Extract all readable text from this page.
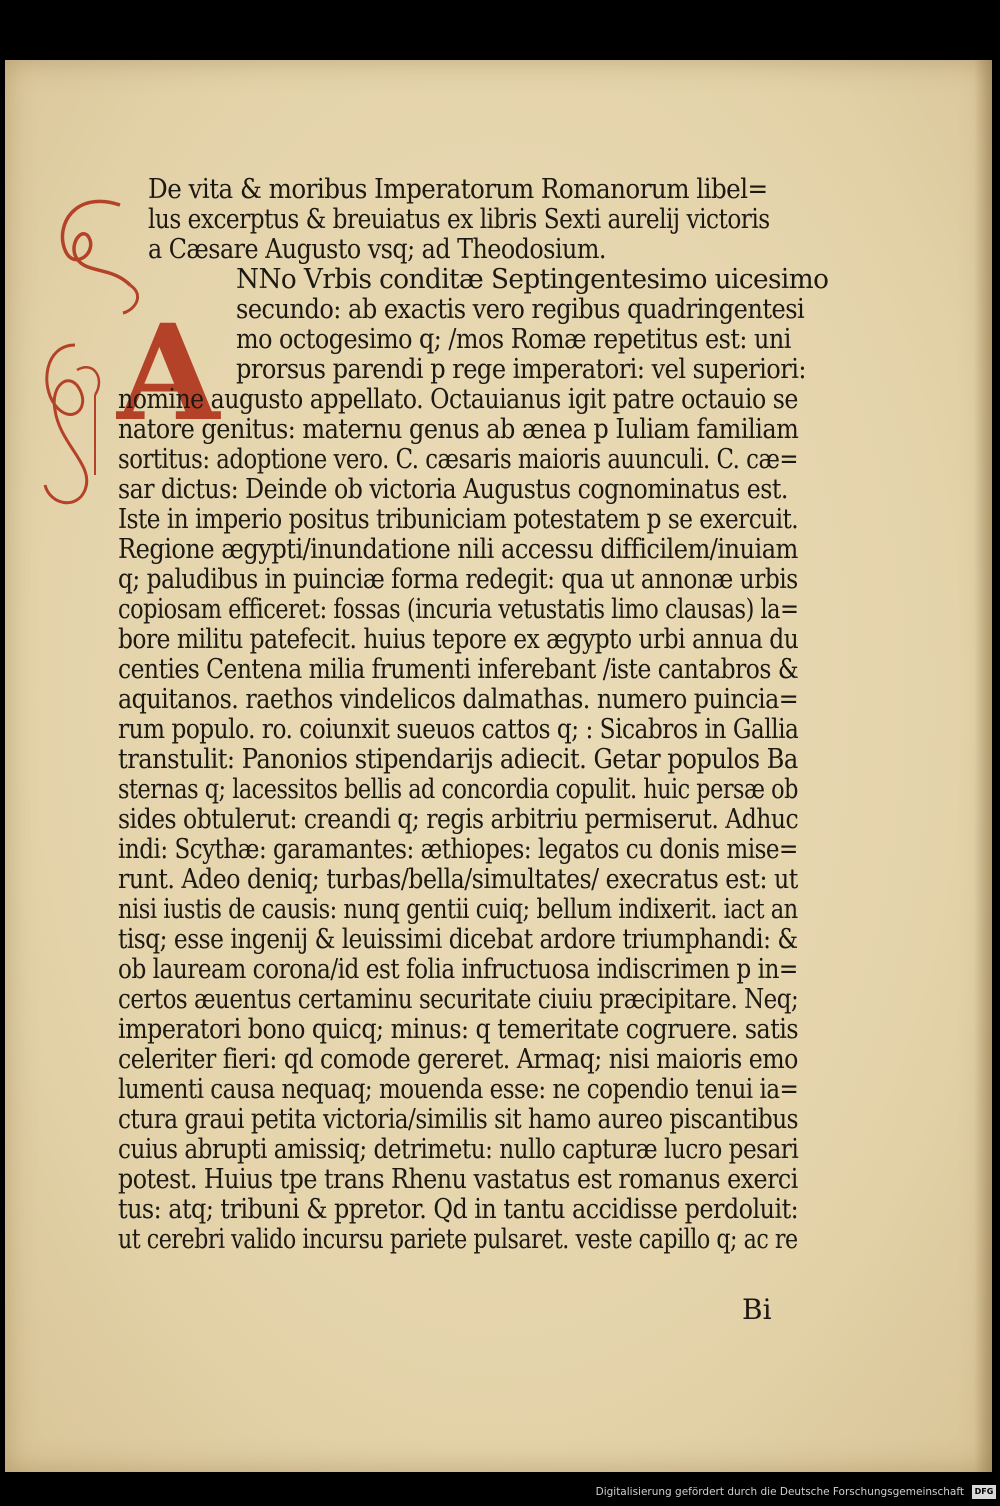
A
De vita & moribus Imperatorum Romanorum libel=
lus excerptus & breuiatus ex libris Sexti aurelij victoris
a Cæsare Augusto vsq; ad Theodosium.
NNo Vrbis conditæ Septingentesimo uicesimo
secundo: ab exactis vero regibus quadringentesi
mo octogesimo q; /mos Romæ repetitus est: uni
prorsus parendi p rege imperatori: vel superiori:
nomine augusto appellato. Octauianus igit patre octauio se
natore genitus: maternu genus ab ænea p Iuliam familiam
sortitus: adoptione vero. C. cæsaris maioris auunculi. C. cæ=
sar dictus: Deinde ob victoria Augustus cognominatus est.
Iste in imperio positus tribuniciam potestatem p se exercuit.
Regione ægypti/inundatione nili accessu difficilem/inuiam
q; paludibus in puinciæ forma redegit: qua ut annonæ urbis
copiosam efficeret: fossas (incuria vetustatis limo clausas) la=
bore militu patefecit. huius tepore ex ægypto urbi annua du
centies Centena milia frumenti inferebant /iste cantabros &
aquitanos. raethos vindelicos dalmathas. numero puincia=
rum populo. ro. coiunxit sueuos cattos q; : Sicabros in Gallia
transtulit: Panonios stipendarijs adiecit. Getar populos Ba
sternas q; lacessitos bellis ad concordia copulit. huic persæ ob
sides obtulerut: creandi q; regis arbitriu permiserut. Adhuc
indi: Scythæ: garamantes: æthiopes: legatos cu donis mise=
runt. Adeo deniq; turbas/bella/simultates/ execratus est: ut
nisi iustis de causis: nunq gentii cuiq; bellum indixerit. iact an
tisq; esse ingenij & leuissimi dicebat ardore triumphandi: &
ob lauream corona/id est folia infructuosa indiscrimen p in=
certos æuentus certaminu securitate ciuiu præcipitare. Neq;
imperatori bono quicq; minus: q temeritate cogruere. satis
celeriter fieri: qd comode gereret. Armaq; nisi maioris emo
lumenti causa nequaq; mouenda esse: ne copendio tenui ia=
ctura graui petita victoria/similis sit hamo aureo piscantibus
cuius abrupti amissiq; detrimetu: nullo capturæ lucro pesari
potest. Huius tpe trans Rhenu vastatus est romanus exerci
tus: atq; tribuni & ppretor. Qd in tantu accidisse perdoluit:
ut cerebri valido incursu pariete pulsaret. veste capillo q; ac re
Bi
Digitalisierung gefördert durch die Deutsche Forschungsgemeinschaft	DFG
